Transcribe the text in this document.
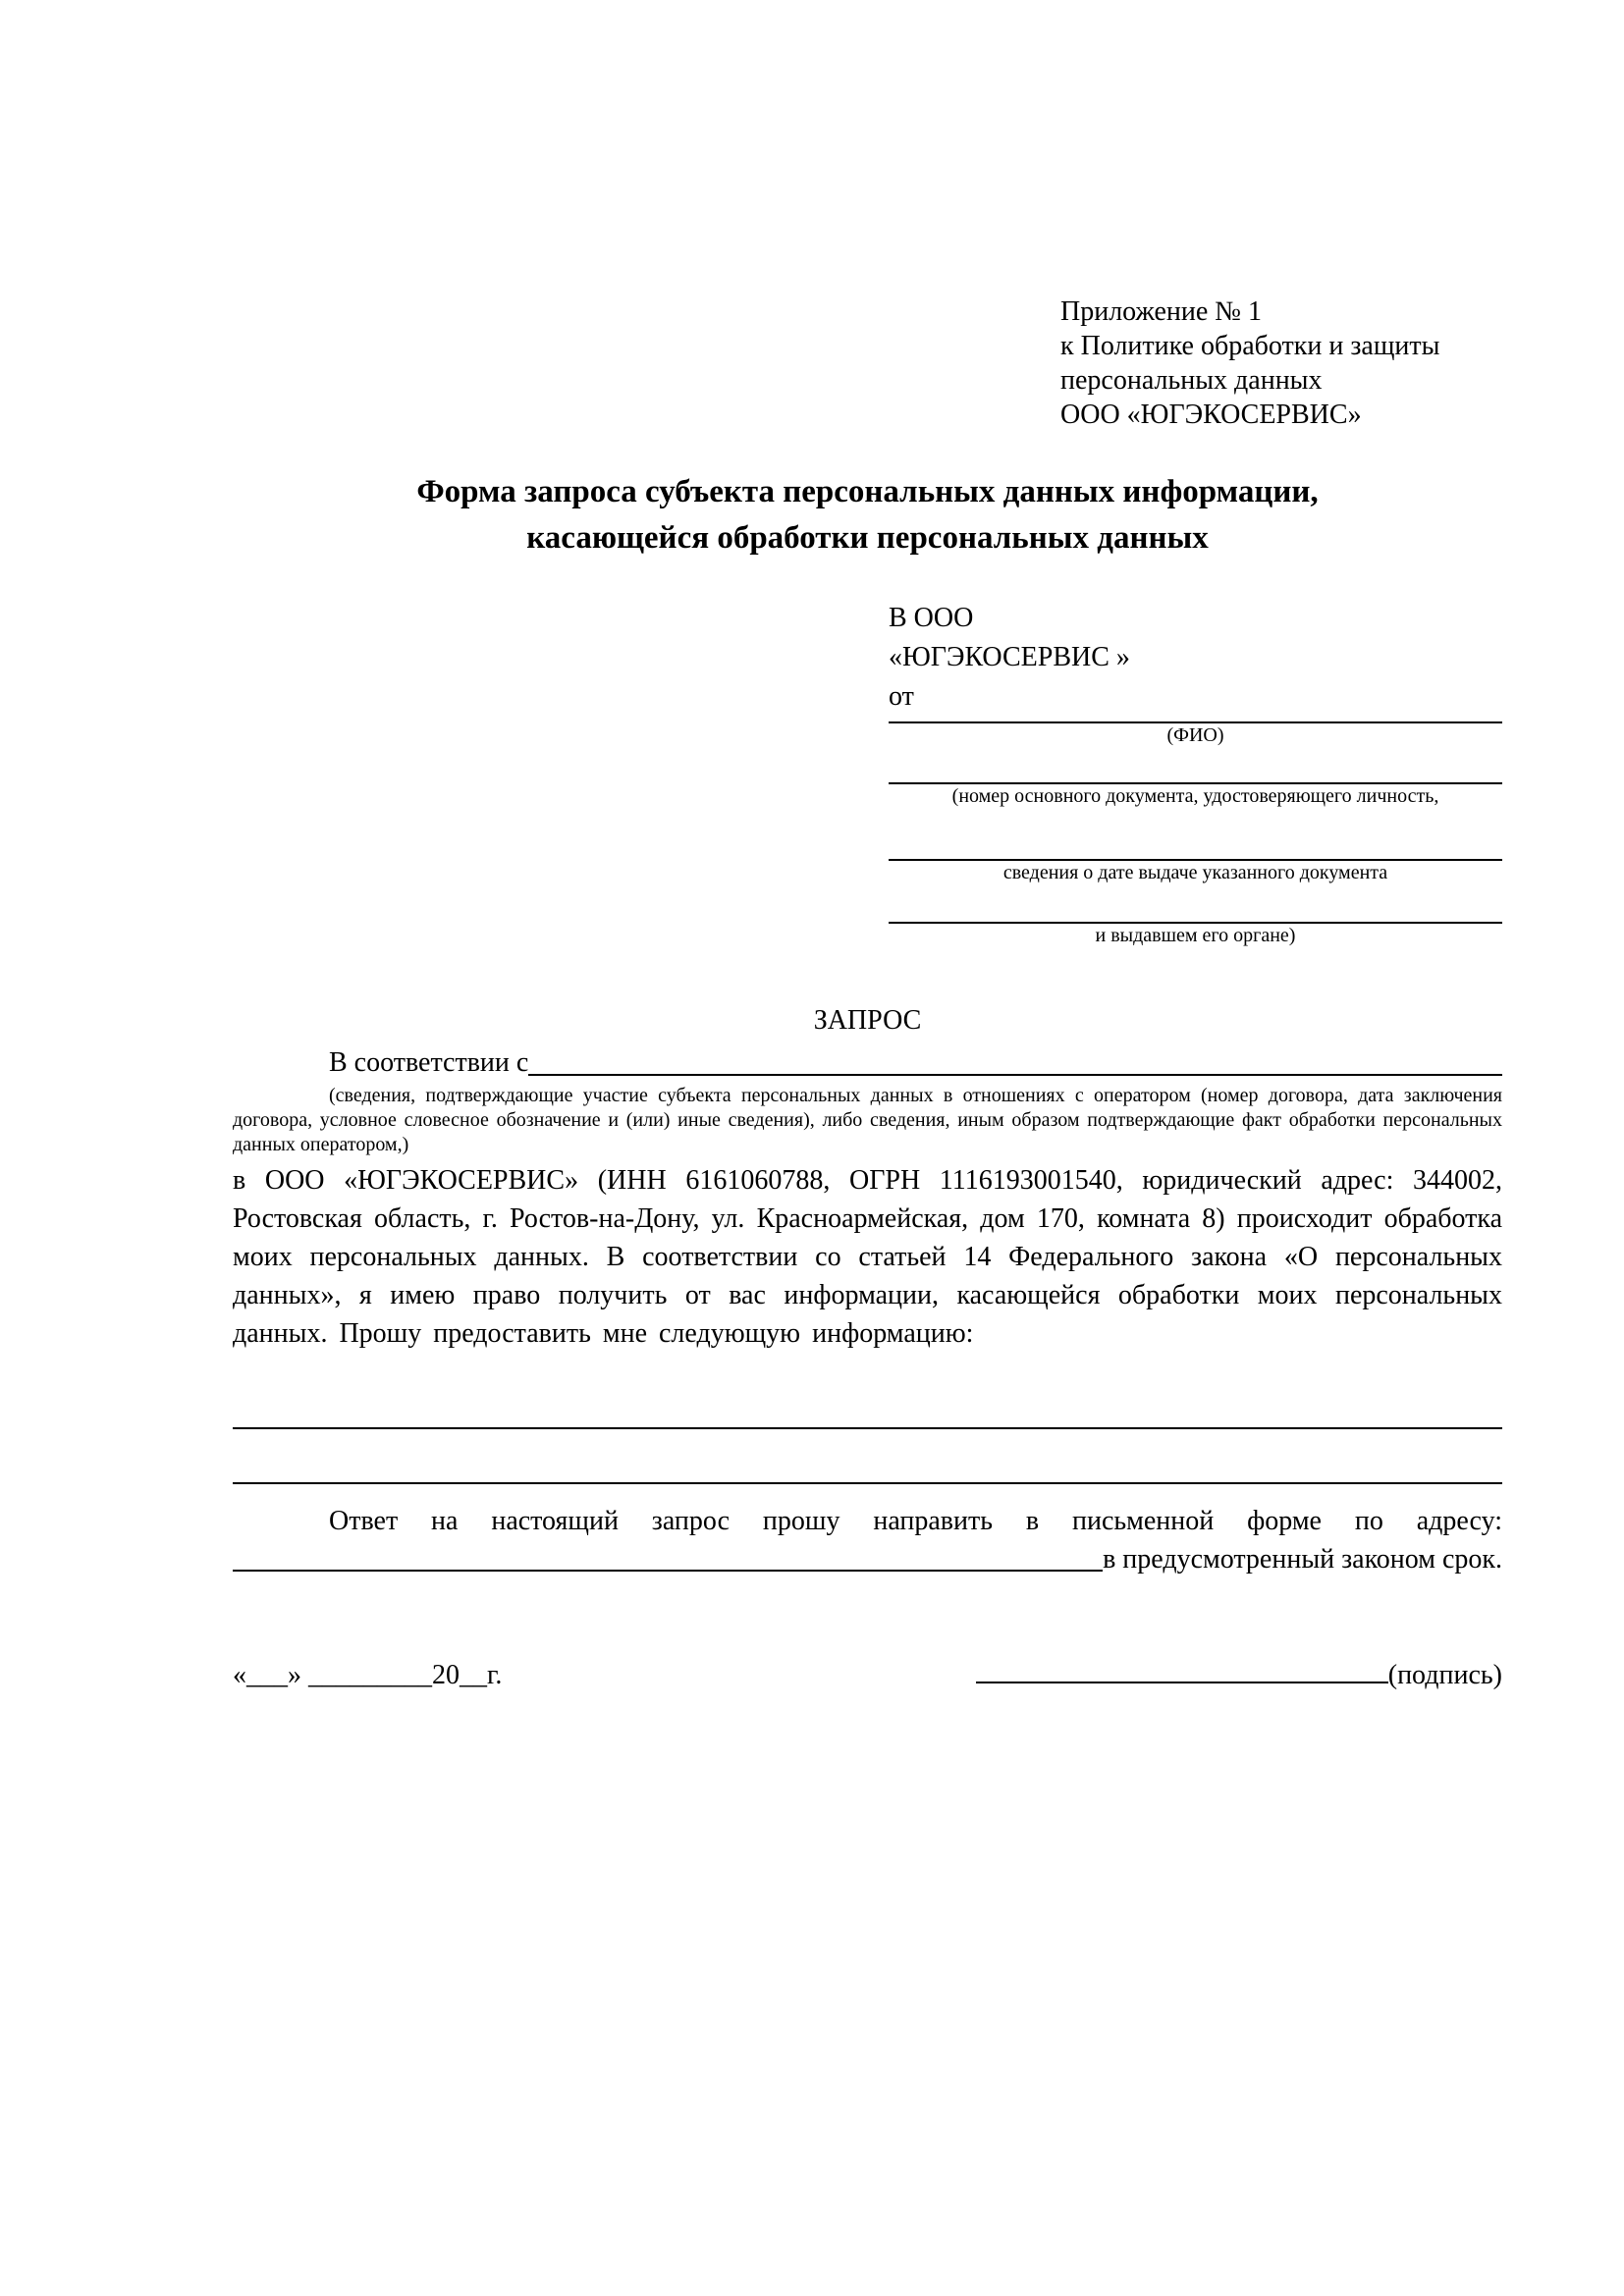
Приложение № 1
к Политике обработки и защиты
персональных данных
ООО «ЮГЭКОСЕРВИС»
Форма запроса субъекта персональных данных информации,
касающейся обработки персональных данных
В ООО
«ЮГЭКОСЕРВИС »
от
(ФИО)
(номер основного документа, удостоверяющего личность,
сведения о дате выдаче указанного документа
и выдавшем его органе)
ЗАПРОС
В соответствии с

(сведения, подтверждающие участие субъекта персональных данных в отношениях с оператором (номер договора, дата заключения договора, условное словесное обозначение и (или) иные сведения), либо сведения, иным образом подтверждающие факт обработки персональных данных оператором,)

в ООО «ЮГЭКОСЕРВИС» (ИНН 6161060788, ОГРН 1116193001540, юридический адрес: 344002, Ростовская область, г. Ростов-на-Дону, ул. Красноармейская, дом 170, комната 8) происходит обработка моих персональных данных. В соответствии со статьей 14 Федерального закона «О персональных данных», я имею право получить от вас информации, касающейся обработки моих персональных данных. Прошу предоставить мне следующую информацию:

Ответ на настоящий запрос прошу направить в письменной форме по адресу:

в предусмотренный законом срок.
«___» _________20__г.	(подпись)
